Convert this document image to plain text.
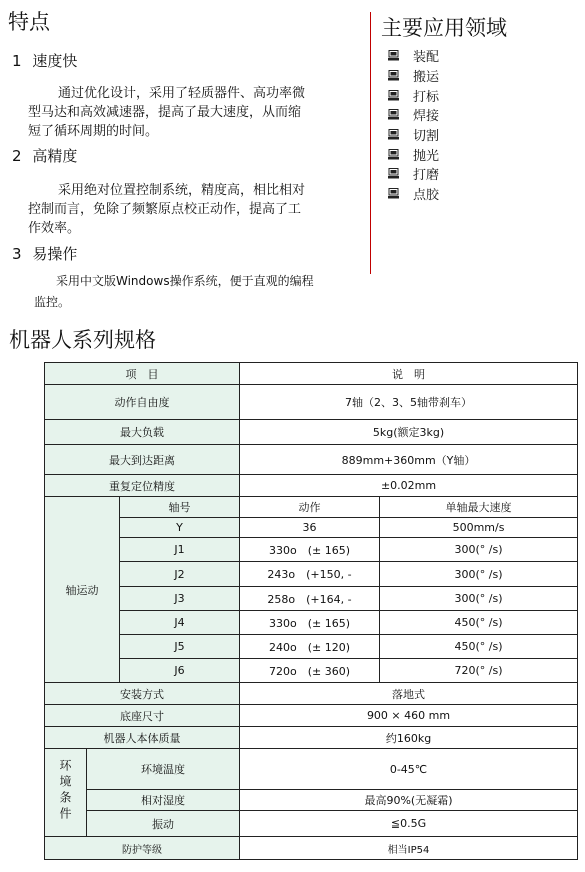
特点
1 速度快
通过优化设计，采用了轻质器件、高功率微
型马达和高效减速器，提高了最大速度，从而缩
短了循环周期的时间。
2 高精度
采用绝对位置控制系统，精度高，相比相对
控制而言，免除了频繁原点校正动作，提高了工
作效率。
3 易操作
采用中文版Windows操作系统，便于直观的编程
监控。
主要应用领域
装配
搬运
打标
焊接
切割
抛光
打磨
点胶
机器人系列规格
项　目			说　明	
动作自由度			7轴（2、3、5轴带刹车）	
最大负载			5kg(额定3kg)	
最大到达距离			889mm+360mm（Y轴）	
重复定位精度			±0.02mm	
轴运动		轴号	动作	单轴最大速度
		Y	36	500mm/s
		J1	330ο　(± 165)	300(° /s)
		J2	243ο　(+150, -	300(° /s)
		J3	258ο　(+164, -	300(° /s)
		J4	330ο　(± 165)	450(° /s)
		J5	240ο　(± 120)	450(° /s)
		J6	720ο　(± 360)	720(° /s)
安装方式			落地式	
底座尺寸			900 × 460 mm	
机器人本体质量			约160kg	
环境条件	环境温度		0-45℃	
	相对湿度		最高90%(无凝霜)	
	振动		≦0.5G	
防护等级			相当IP54	
